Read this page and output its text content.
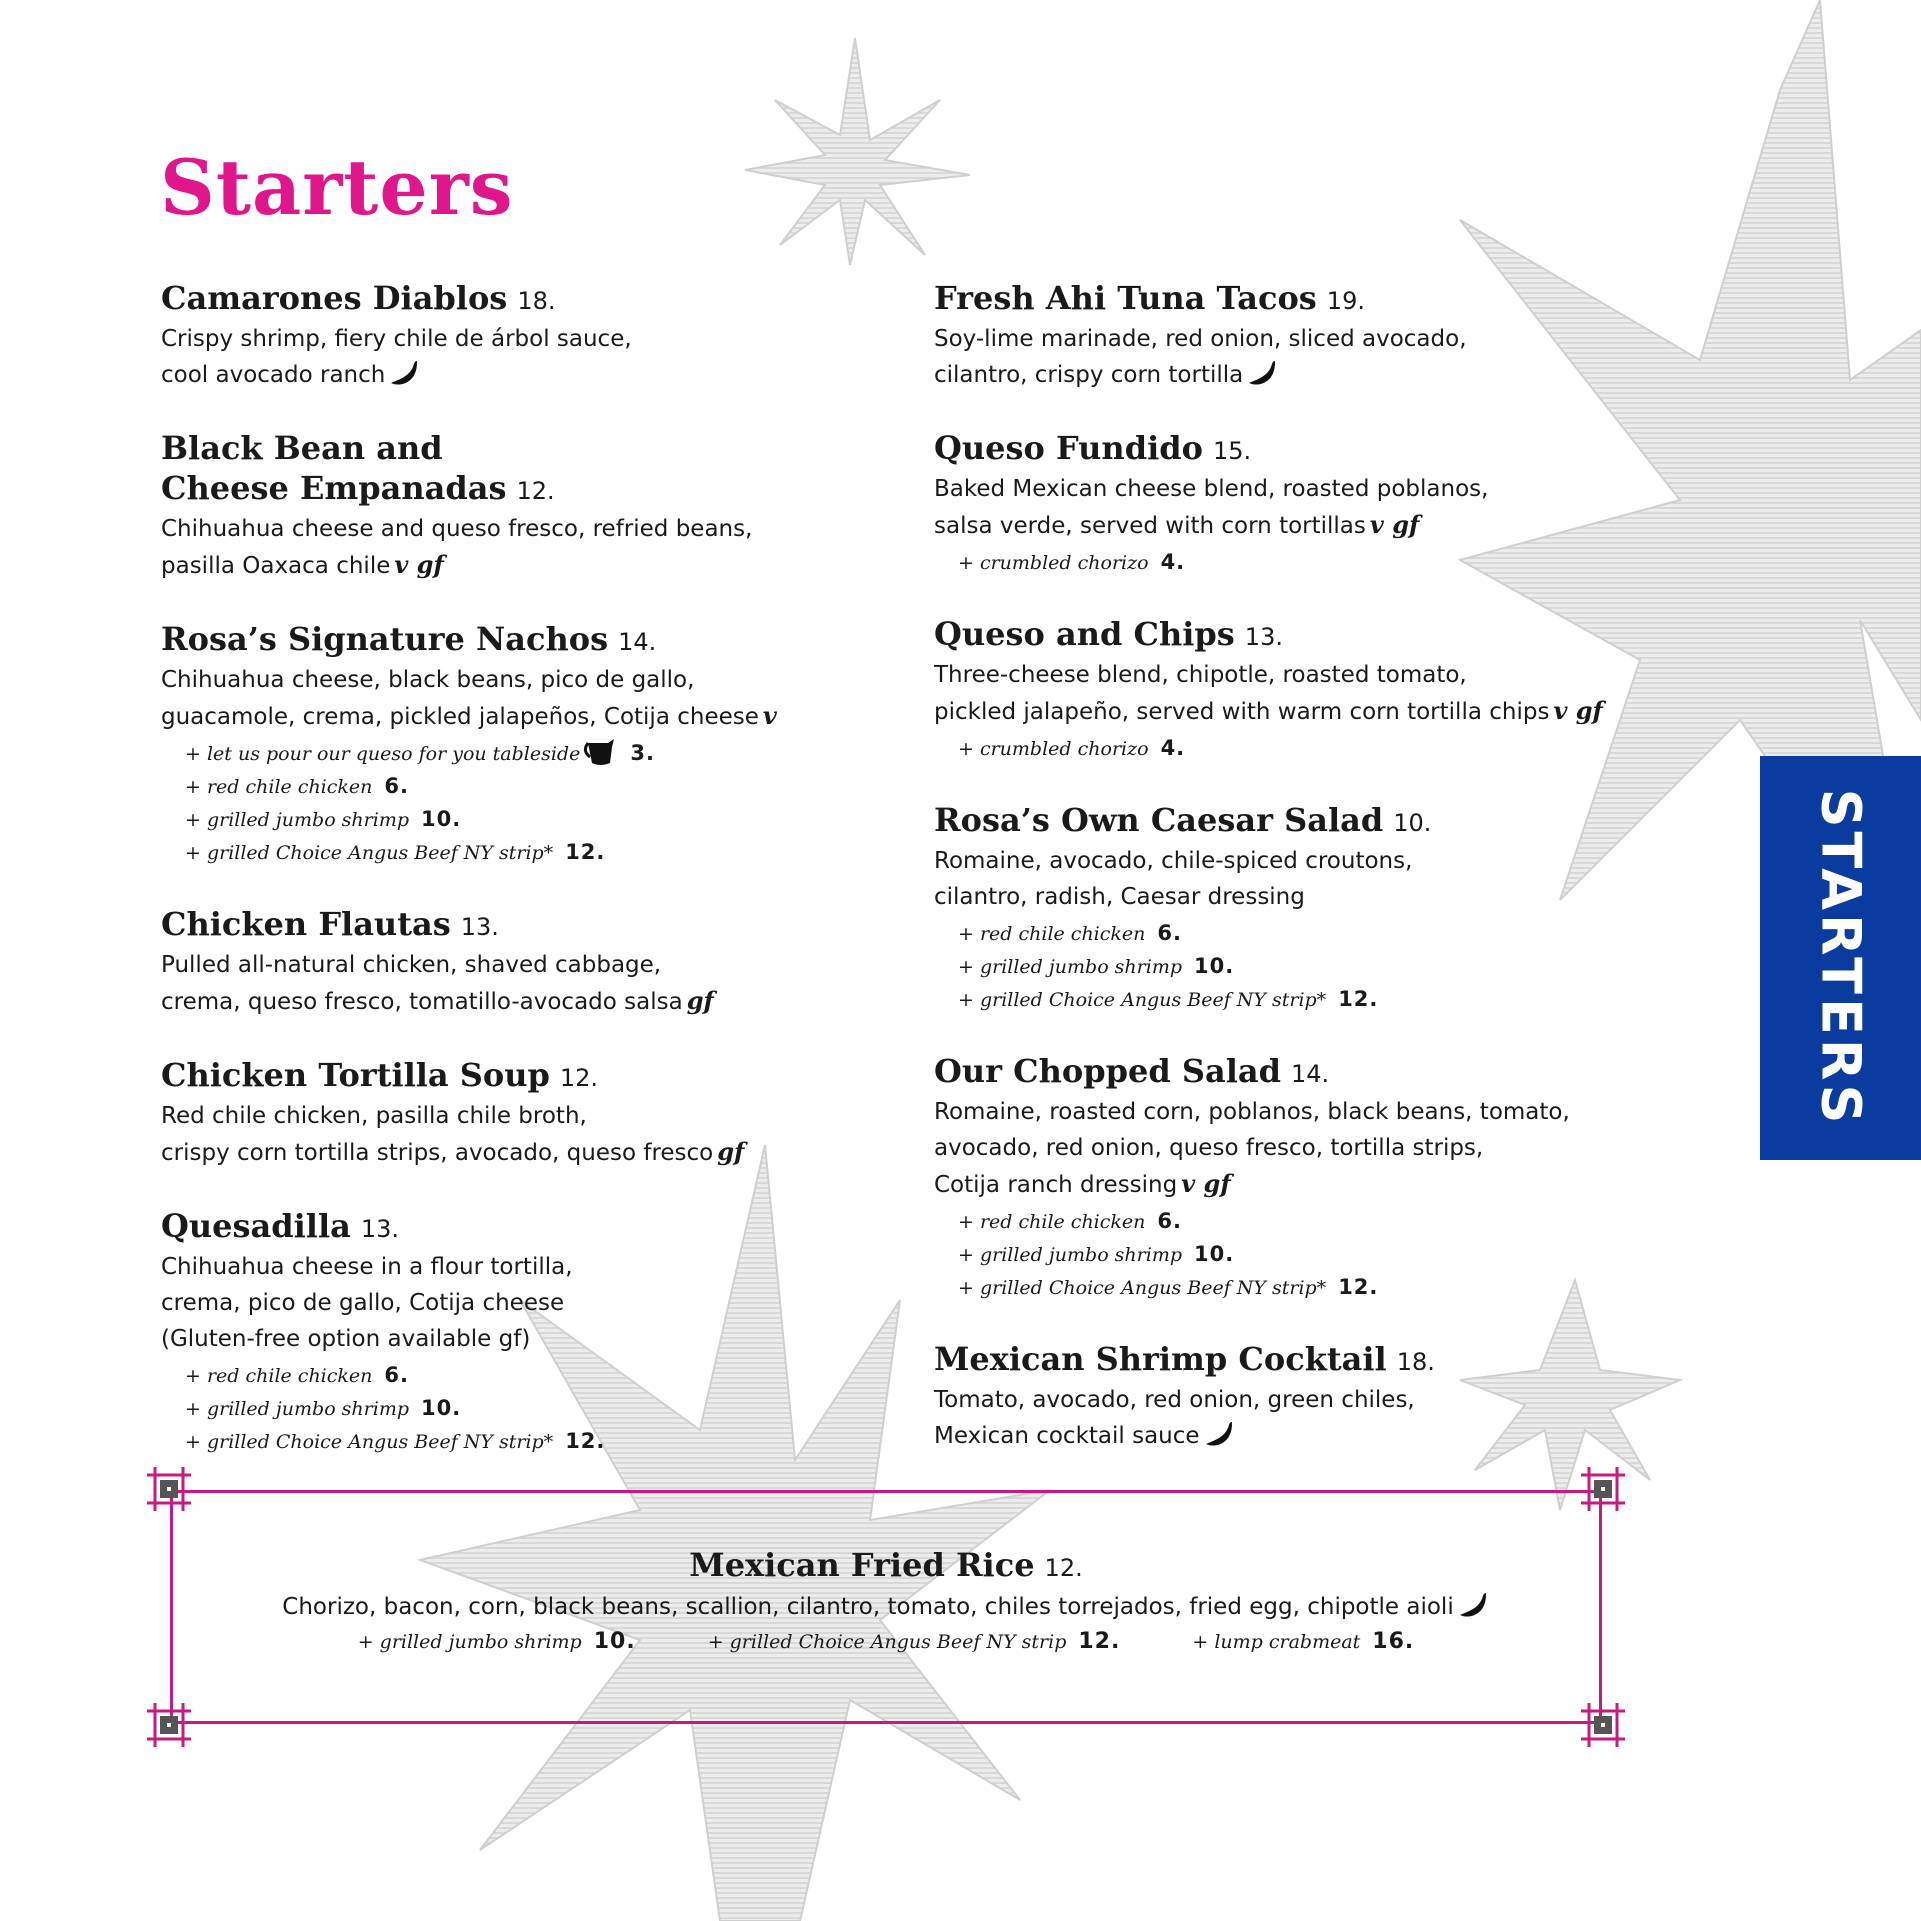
Starters
Camarones Diablos 18.
Crispy shrimp, fiery chile de árbol sauce,
cool avocado ranch
Black Bean and
Cheese Empanadas 12.
Chihuahua cheese and queso fresco, refried beans,
pasilla Oaxaca chile v gf
Rosa’s Signature Nachos 14.
Chihuahua cheese, black beans, pico de gallo,
guacamole, crema, pickled jalapeños, Cotija cheese v
+ let us pour our queso for you tableside 3.
+ red chile chicken 6.
+ grilled jumbo shrimp 10.
+ grilled Choice Angus Beef NY strip* 12.
Chicken Flautas 13.
Pulled all-natural chicken, shaved cabbage,
crema, queso fresco, tomatillo-avocado salsa gf
Chicken Tortilla Soup 12.
Red chile chicken, pasilla chile broth,
crispy corn tortilla strips, avocado, queso fresco gf
Quesadilla 13.
Chihuahua cheese in a flour tortilla,
crema, pico de gallo, Cotija cheese
(Gluten-free option available gf)
+ red chile chicken 6.
+ grilled jumbo shrimp 10.
+ grilled Choice Angus Beef NY strip* 12.
Fresh Ahi Tuna Tacos 19.
Soy-lime marinade, red onion, sliced avocado,
cilantro, crispy corn tortilla
Queso Fundido 15.
Baked Mexican cheese blend, roasted poblanos,
salsa verde, served with corn tortillas v gf
+ crumbled chorizo 4.
Queso and Chips 13.
Three-cheese blend, chipotle, roasted tomato,
pickled jalapeño, served with warm corn tortilla chips v gf
+ crumbled chorizo 4.
Rosa’s Own Caesar Salad 10.
Romaine, avocado, chile-spiced croutons,
cilantro, radish, Caesar dressing
+ red chile chicken 6.
+ grilled jumbo shrimp 10.
+ grilled Choice Angus Beef NY strip* 12.
Our Chopped Salad 14.
Romaine, roasted corn, poblanos, black beans, tomato,
avocado, red onion, queso fresco, tortilla strips,
Cotija ranch dressing v gf
+ red chile chicken 6.
+ grilled jumbo shrimp 10.
+ grilled Choice Angus Beef NY strip* 12.
Mexican Shrimp Cocktail 18.
Tomato, avocado, red onion, green chiles,
Mexican cocktail sauce
STARTERS
Mexican Fried Rice 12.
Chorizo, bacon, corn, black beans, scallion, cilantro, tomato, chiles torrejados, fried egg, chipotle aioli
+ grilled jumbo shrimp 10.	+ grilled Choice Angus Beef NY strip 12.	+ lump crabmeat 16.
